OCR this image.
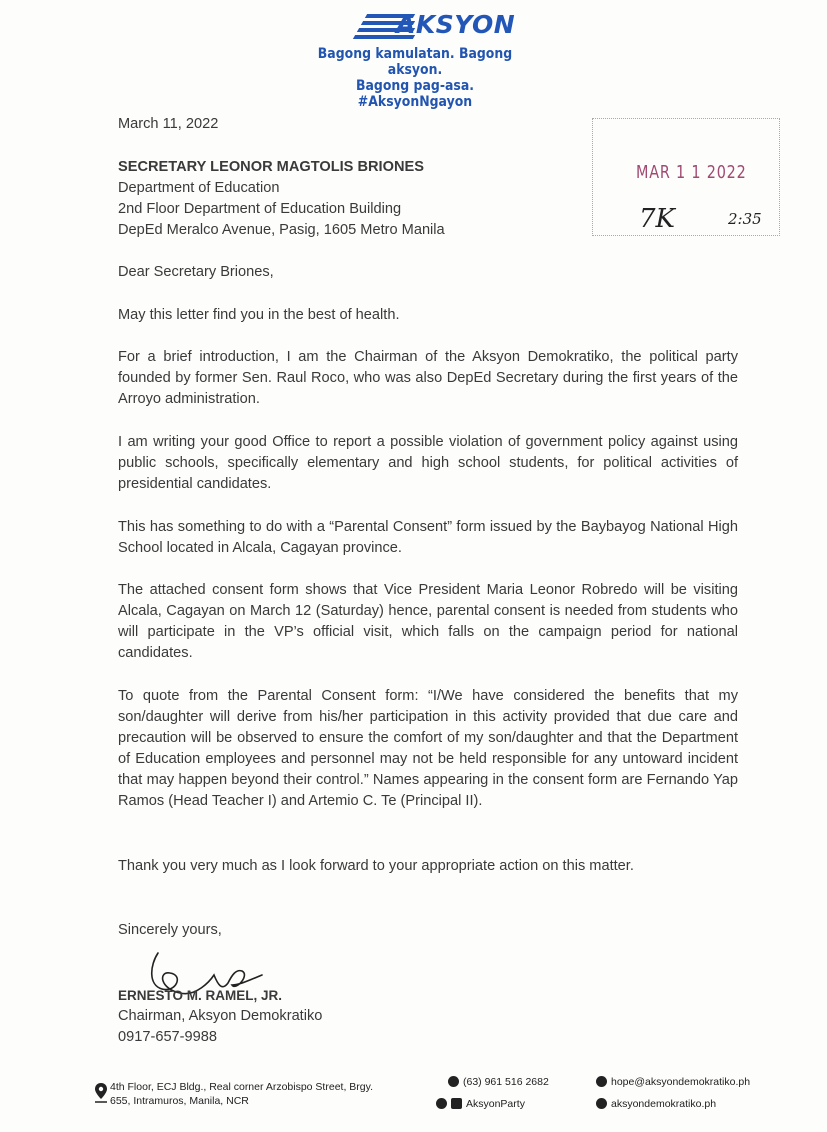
AKSYON
Bagong kamulatan. Bagong aksyon.
Bagong pag-asa. #AksyonNgayon
MAR 1 1 2022
7K	2:35
March 11, 2022
SECRETARY LEONOR MAGTOLIS BRIONES
Department of Education
2nd Floor Department of Education Building
DepEd Meralco Avenue, Pasig, 1605 Metro Manila
Dear Secretary Briones,
May this letter find you in the best of health.
For a brief introduction, I am the Chairman of the Aksyon Demokratiko, the political party founded by former Sen. Raul Roco, who was also DepEd Secretary during the first years of the Arroyo administration.
I am writing your good Office to report a possible violation of government policy against using public schools, specifically elementary and high school students, for political activities of presidential candidates.
This has something to do with a “Parental Consent” form issued by the Baybayog National High School located in Alcala, Cagayan province.
The attached consent form shows that Vice President Maria Leonor Robredo will be visiting Alcala, Cagayan on March 12 (Saturday) hence, parental consent is needed from students who will participate in the VP’s official visit, which falls on the campaign period for national candidates.
To quote from the Parental Consent form: “I/We have considered the benefits that my son/daughter will derive from his/her participation in this activity provided that due care and precaution will be observed to ensure the comfort of my son/daughter and that the Department of Education employees and personnel may not be held responsible for any untoward incident that may happen beyond their control.” Names appearing in the consent form are Fernando Yap Ramos (Head Teacher I) and Artemio C. Te (Principal II).
Thank you very much as I look forward to your appropriate action on this matter.
Sincerely yours,
ERNESTO M. RAMEL, JR.
Chairman, Aksyon Demokratiko
0917-657-9988
4th Floor, ECJ Bldg., Real corner Arzobispo Street, Brgy.
655, Intramuros, Manila, NCR
(63) 961 516 2682
AksyonParty
hope@aksyondemokratiko.ph
aksyondemokratiko.ph
